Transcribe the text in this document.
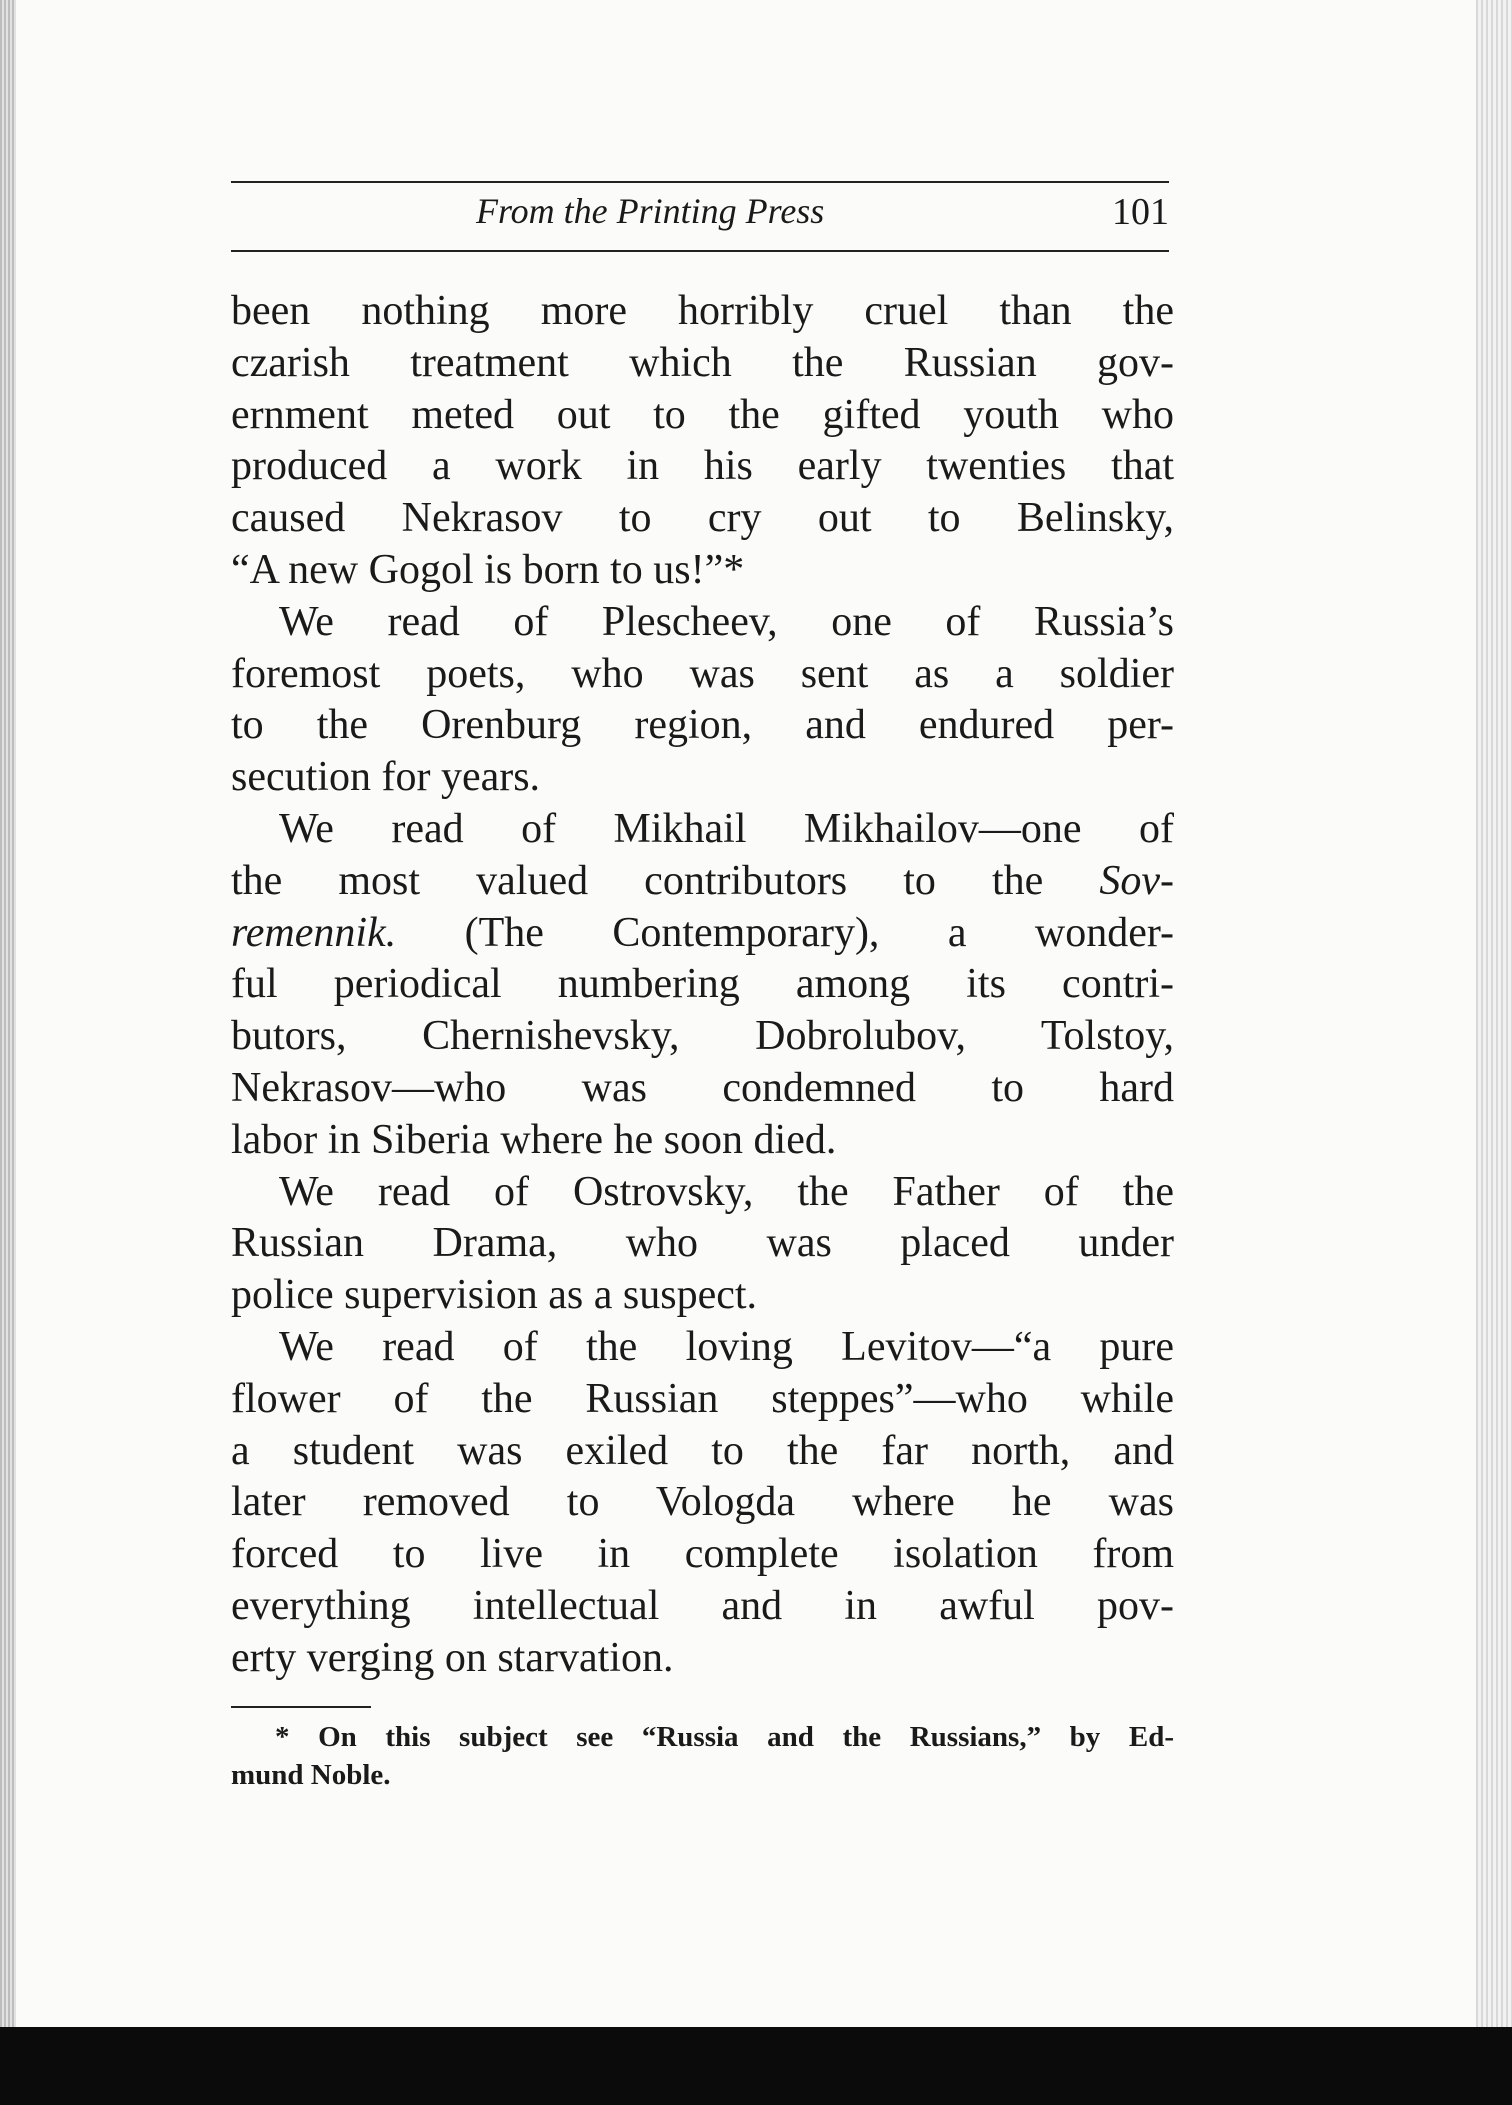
From the Printing Press	101
been nothing more horribly cruel than the
czarish treatment which the Russian gov-
ernment meted out to the gifted youth who
produced a work in his early twenties that
caused Nekrasov to cry out to Belinsky,
“A new Gogol is born to us!”*
We read of Plescheev, one of Russia’s
foremost poets, who was sent as a soldier
to the Orenburg region, and endured per-
secution for years.
We read of Mikhail Mikhailov—one of
the most valued contributors to the Sov-
remennik. (The Contemporary), a wonder-
ful periodical numbering among its contri-
butors, Chernishevsky, Dobrolubov, Tolstoy,
Nekrasov—who was condemned to hard
labor in Siberia where he soon died.
We read of Ostrovsky, the Father of the
Russian Drama, who was placed under
police supervision as a suspect.
We read of the loving Levitov—“a pure
flower of the Russian steppes”—who while
a student was exiled to the far north, and
later removed to Vologda where he was
forced to live in complete isolation from
everything intellectual and in awful pov-
erty verging on starvation.
* On this subject see “Russia and the Russians,” by Ed-
mund Noble.
